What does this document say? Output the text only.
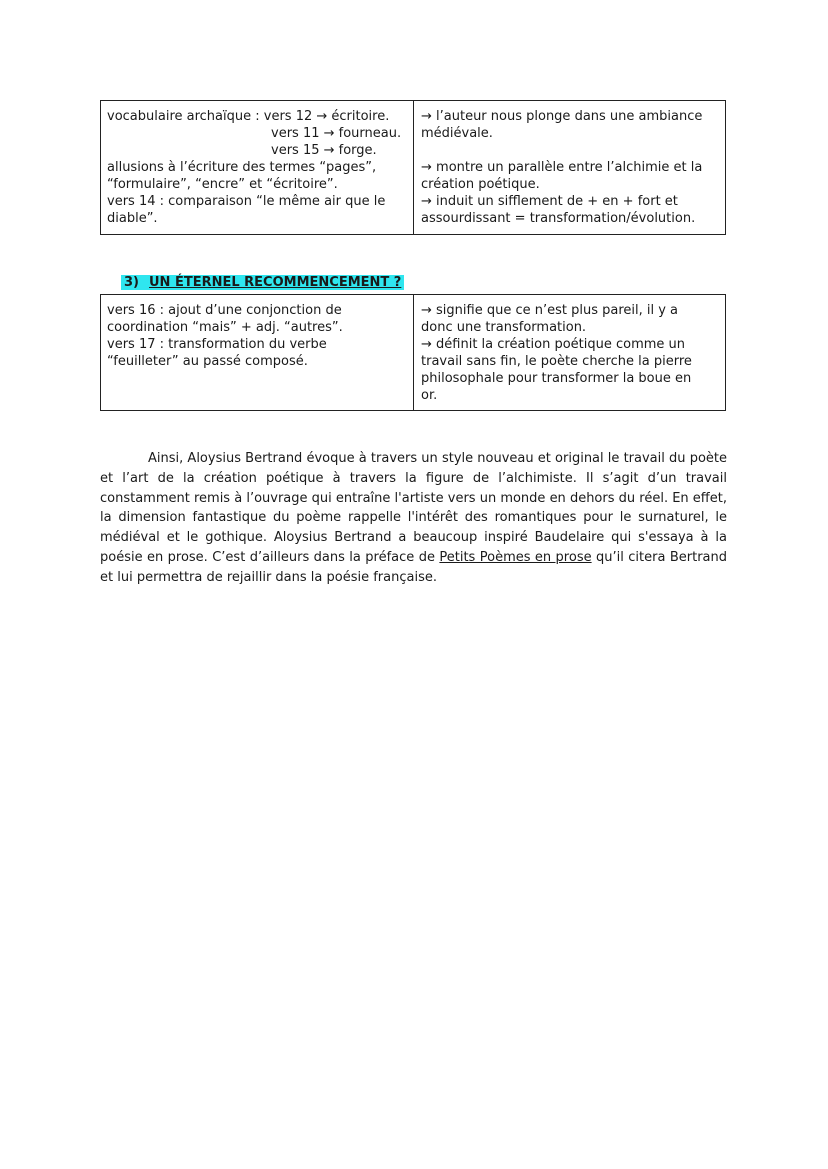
vocabulaire archaïque : vers 12 → écritoire.
vers 11 → fourneau.
vers 15 → forge.
allusions à l’écriture des termes “pages”,
“formulaire”, “encre” et “écritoire”.
vers 14 : comparaison “le même air que le
diable”.
→ l’auteur nous plonge dans une ambiance
médiévale.
→ montre un parallèle entre l’alchimie et la
création poétique.
→ induit un sifflement de + en + fort et
assourdissant = transformation/évolution.
3) UN ÉTERNEL RECOMMENCEMENT ?
vers 16 : ajout d’une conjonction de
coordination “mais” + adj. “autres”.
vers 17 : transformation du verbe
“feuilleter” au passé composé.
→ signifie que ce n’est plus pareil, il y a
donc une transformation.
→ définit la création poétique comme un
travail sans fin, le poète cherche la pierre
philosophale pour transformer la boue en
or.
Ainsi, Aloysius Bertrand évoque à travers un style nouveau et original le travail du poète et l’art de la création poétique à travers la figure de l’alchimiste. Il s’agit d’un travail constamment remis à l’ouvrage qui entraîne l'artiste vers un monde en dehors du réel. En effet, la dimension fantastique du poème rappelle l'intérêt des romantiques pour le surnaturel, le médiéval et le gothique. Aloysius Bertrand a beaucoup inspiré Baudelaire qui s'essaya à la poésie en prose. C’est d’ailleurs dans la préface de Petits Poèmes en prose qu’il citera Bertrand et lui permettra de rejaillir dans la poésie française.
